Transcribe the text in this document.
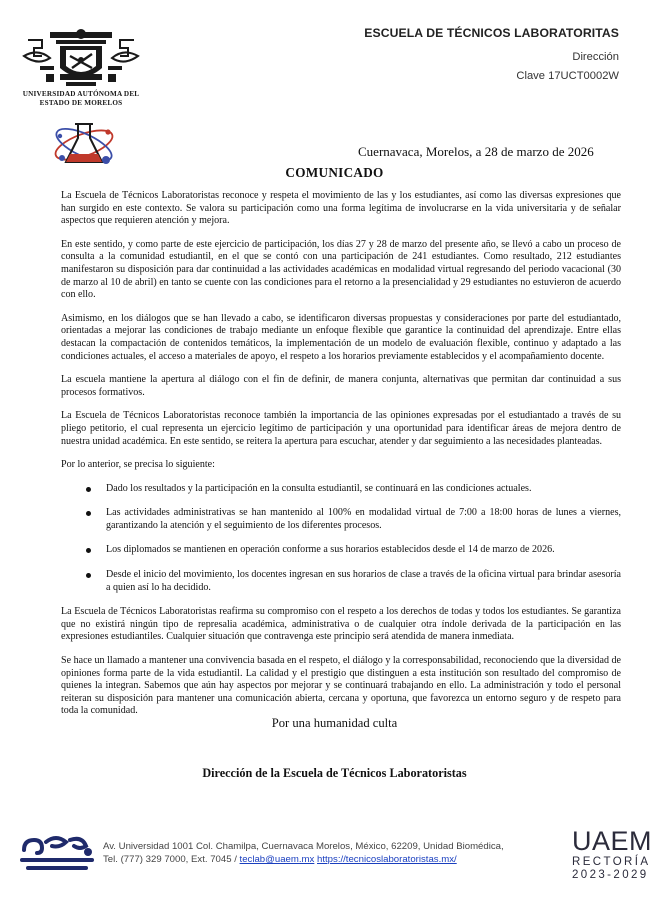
UNIVERSIDAD AUTÓNOMA DEL
ESTADO DE MORELOS
ESCUELA DE TÉCNICOS LABORATORITAS
Dirección
Clave 17UCT0002W
Cuernavaca, Morelos, a 28 de marzo de 2026
COMUNICADO

La Escuela de Técnicos Laboratoristas reconoce y respeta el movimiento de las y los estudiantes, así como las diversas expresiones que han surgido en este contexto. Se valora su participación como una forma legítima de involucrarse en la vida universitaria y de señalar aspectos que requieren atención y mejora.

En este sentido, y como parte de este ejercicio de participación, los días 27 y 28 de marzo del presente año, se llevó a cabo un proceso de consulta a la comunidad estudiantil, en el que se contó con una participación de 241 estudiantes. Como resultado, 212 estudiantes manifestaron su disposición para dar continuidad a las actividades académicas en modalidad virtual regresando del periodo vacacional (30 de marzo al 10 de abril) en tanto se cuente con las condiciones para el retorno a la presencialidad y 29 estudiantes no estuvieron de acuerdo con ello.

Asimismo, en los diálogos que se han llevado a cabo, se identificaron diversas propuestas y consideraciones por parte del estudiantado, orientadas a mejorar las condiciones de trabajo mediante un enfoque flexible que garantice la continuidad del aprendizaje. Entre ellas destacan la compactación de contenidos temáticos, la implementación de un modelo de evaluación flexible, continuo y adaptado a las condiciones actuales, el acceso a materiales de apoyo, el respeto a los horarios previamente establecidos y el acompañamiento docente.

La escuela mantiene la apertura al diálogo con el fin de definir, de manera conjunta, alternativas que permitan dar continuidad a sus procesos formativos.

La Escuela de Técnicos Laboratoristas reconoce también la importancia de las opiniones expresadas por el estudiantado a través de su pliego petitorio, el cual representa un ejercicio legítimo de participación y una oportunidad para identificar áreas de mejora dentro de nuestra unidad académica. En este sentido, se reitera la apertura para escuchar, atender y dar seguimiento a las necesidades planteadas.

Por lo anterior, se precisa lo siguiente:

Dado los resultados y la participación en la consulta estudiantil, se continuará en las condiciones actuales.
Las actividades administrativas se han mantenido al 100% en modalidad virtual de 7:00 a 18:00 horas de lunes a viernes, garantizando la atención y el seguimiento de los diferentes procesos.
Los diplomados se mantienen en operación conforme a sus horarios establecidos desde el 14 de marzo de 2026.
Desde el inicio del movimiento, los docentes ingresan en sus horarios de clase a través de la oficina virtual para brindar asesoría a quien así lo ha decidido.

La Escuela de Técnicos Laboratoristas reafirma su compromiso con el respeto a los derechos de todas y todos los estudiantes. Se garantiza que no existirá ningún tipo de represalia académica, administrativa o de cualquier otra índole derivada de la participación en las expresiones estudiantiles. Cualquier situación que contravenga este principio será atendida de manera inmediata.

Se hace un llamado a mantener una convivencia basada en el respeto, el diálogo y la corresponsabilidad, reconociendo que la diversidad de opiniones forma parte de la vida estudiantil. La calidad y el prestigio que distinguen a esta institución son resultado del compromiso de quienes la integran. Sabemos que aún hay aspectos por mejorar y se continuará trabajando en ello. La administración y todo el personal reiteran su disposición para mantener una comunicación abierta, cercana y oportuna, que favorezca un entorno seguro y de respeto para toda la comunidad.

Por una humanidad culta
Dirección de la Escuela de Técnicos Laboratoristas
Av. Universidad 1001 Col. Chamilpa, Cuernavaca Morelos, México, 62209, Unidad Biomédica,
Tel. (777) 329 7000, Ext. 7045 / teclab@uaem.mx https://tecnicoslaboratoristas.mx/
UAEM
RECTORÍA
2023-2029
